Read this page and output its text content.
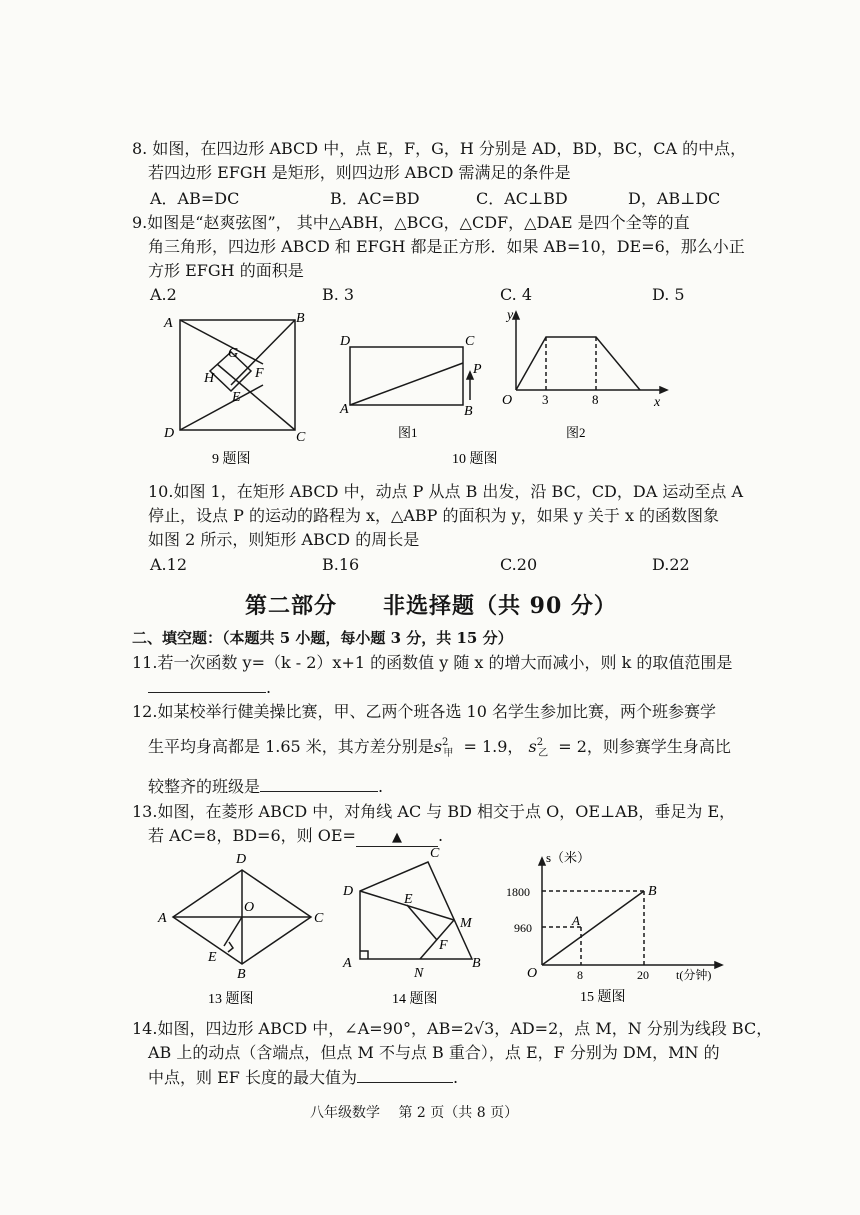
8. 如图，在四边形 ABCD 中，点 E，F，G，H 分别是 AD，BD，BC，CA 的中点，
若四边形 EFGH 是矩形，则四边形 ABCD 需满足的条件是
A．AB=DC	B．AC=BD	C．AC⊥BD	D，AB⊥DC
9.如图是“赵爽弦图”， 其中△ABH，△BCG，△CDF，△DAE 是四个全等的直
角三角形，四边形 ABCD 和 EFGH 都是正方形．如果 AB=10，DE=6，那么小正
方形 EFGH 的面积是
A.2	B. 3	C. 4	D. 5
A	B
C
D
G
H	F
E
9 题图
D	C
A	B
P
图1
y
O 3	8	x
图2
10 题图
10.如图 1，在矩形 ABCD 中，动点 P 从点 B 出发，沿 BC，CD，DA 运动至点 A
停止，设点 P 的运动的路程为 x，△ABP 的面积为 y，如果 y 关于 x 的函数图象
如图 2 所示，则矩形 ABCD 的周长是
A.12	B.16	C.20	D.22
第二部分　　非选择题（共 90 分）
二、填空题：（本题共 5 小题，每小题 3 分，共 15 分）
11.若一次函数 y=（k - 2）x+1 的函数值 y 随 x 的增大而减小，则 k 的取值范围是
.
12.如某校举行健美操比赛，甲、乙两个班各选 10 名学生参加比赛，两个班参赛学
生平均身高都是 1.65 米，其方差分别是$s^2_甲 = 1.9$， $s^2_乙 = 2$，则参赛学生身高比
较整齐的班级是	.
13.如图，在菱形 ABCD 中，对角线 AC 与 BD 相交于点 O，OE⊥AB，垂足为 E，
若 AC=8，BD=6，则 OE=	▲ .
D
A
O
C
E
B
13 题图
C
D
E
M
F
A
N
B
14 题图
s（米）
1800
960	A
B
O	8	20 t(分钟)
15 题图
14.如图，四边形 ABCD 中，∠A=90°，AB=2√3，AD=2，点 M，N 分别为线段 BC，
AB 上的动点（含端点，但点 M 不与点 B 重合），点 E，F 分别为 DM，MN 的
中点，则 EF 长度的最大值为	.
八年级数学　 第 2 页（共 8 页）
